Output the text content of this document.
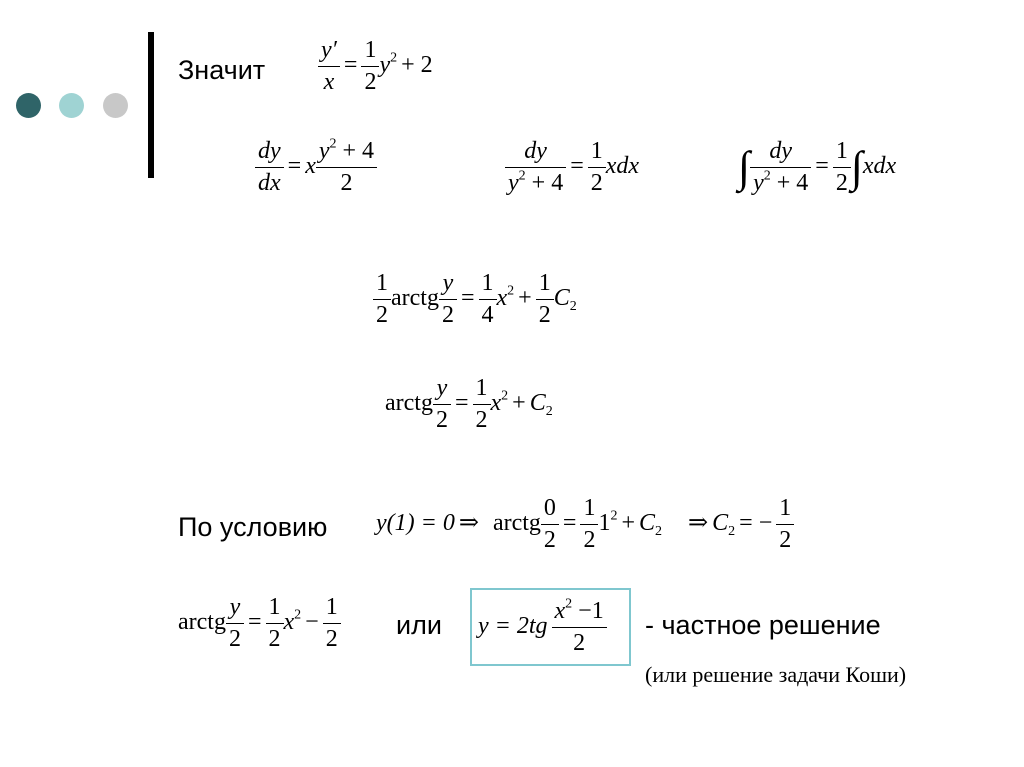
Значит $\frac{y'}{x} = \frac{1}{2} y^2 + 2$
$\frac{dy}{dx} = x \frac{y^2 + 4}{2}$	$\frac{dy}{y^2 + 4} = \frac{1}{2}$ xdx ∫ $\frac{dy}{y^2 + 4} = \frac{1}{2} \int xdx$
$\frac{1}{2}$ arctg $\frac{y}{2} = \frac{1}{4} x^2 + \frac{1}{2} C_2$
arctg $\frac{y}{2} = \frac{1}{2} x^2 + C_2$
По условию y(1) = 0 ⇒ arctg $\frac{0}{2} = \frac{1}{2} 1^2 + C_2$ ⇒ $C_2$ = − $\frac{1}{2}$
arctg $\frac{y}{2} = \frac{1}{2} x^2 - \frac{1}{2}$ или $y = 2tg \frac{x^2 -1}{2}$ - частное решение
(или решение задачи Коши)
